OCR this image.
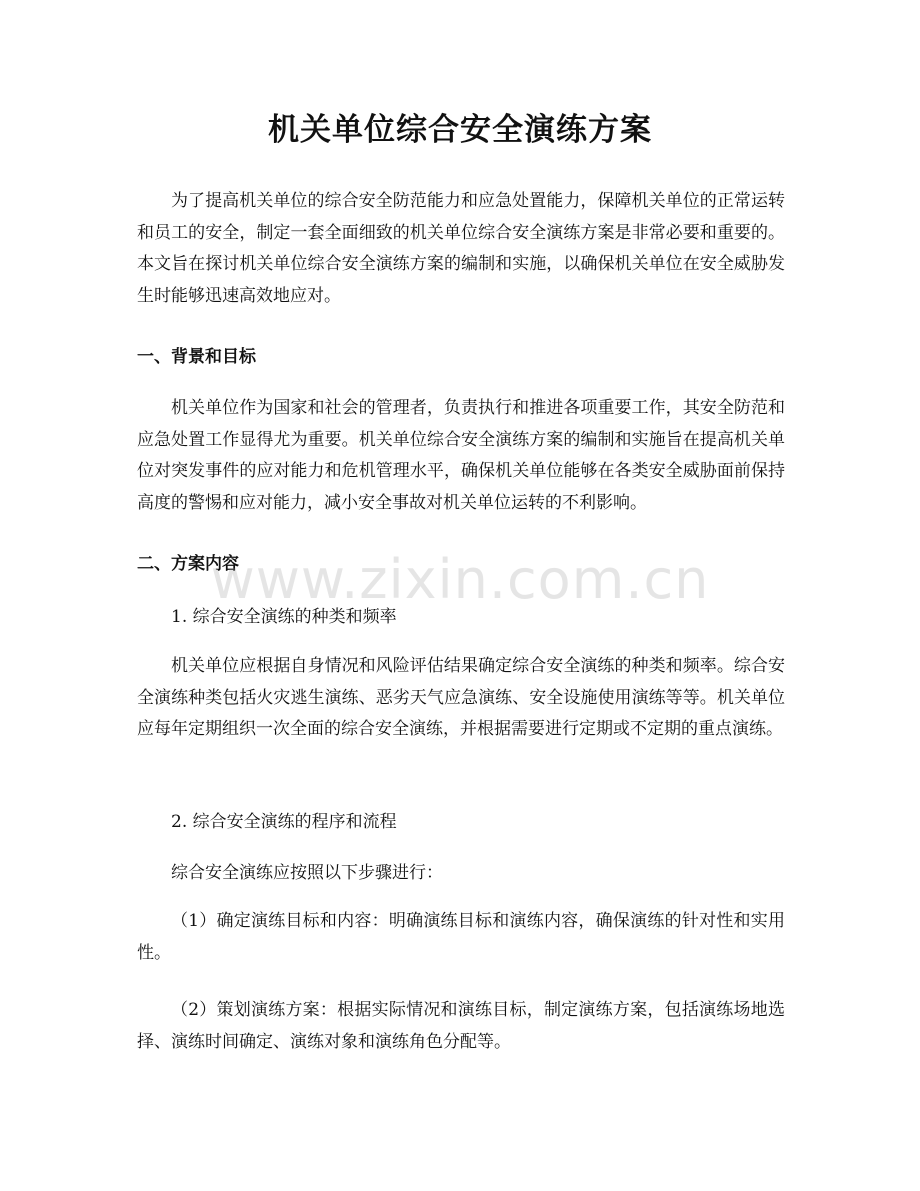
机关单位综合安全演练方案

为了提高机关单位的综合安全防范能力和应急处置能力，保障机关单位的正常运转和员工的安全，制定一套全面细致的机关单位综合安全演练方案是非常必要和重要的。本文旨在探讨机关单位综合安全演练方案的编制和实施，以确保机关单位在安全威胁发生时能够迅速高效地应对。

一、背景和目标

机关单位作为国家和社会的管理者，负责执行和推进各项重要工作，其安全防范和应急处置工作显得尤为重要。机关单位综合安全演练方案的编制和实施旨在提高机关单位对突发事件的应对能力和危机管理水平，确保机关单位能够在各类安全威胁面前保持高度的警惕和应对能力，减小安全事故对机关单位运转的不利影响。

二、方案内容

1. 综合安全演练的种类和频率

机关单位应根据自身情况和风险评估结果确定综合安全演练的种类和频率。综合安全演练种类包括火灾逃生演练、恶劣天气应急演练、安全设施使用演练等等。机关单位应每年定期组织一次全面的综合安全演练，并根据需要进行定期或不定期的重点演练。

2. 综合安全演练的程序和流程

综合安全演练应按照以下步骤进行：

（1）确定演练目标和内容：明确演练目标和演练内容，确保演练的针对性和实用性。

（2）策划演练方案：根据实际情况和演练目标，制定演练方案，包括演练场地选择、演练时间确定、演练对象和演练角色分配等。

www.zixin.com.cn
